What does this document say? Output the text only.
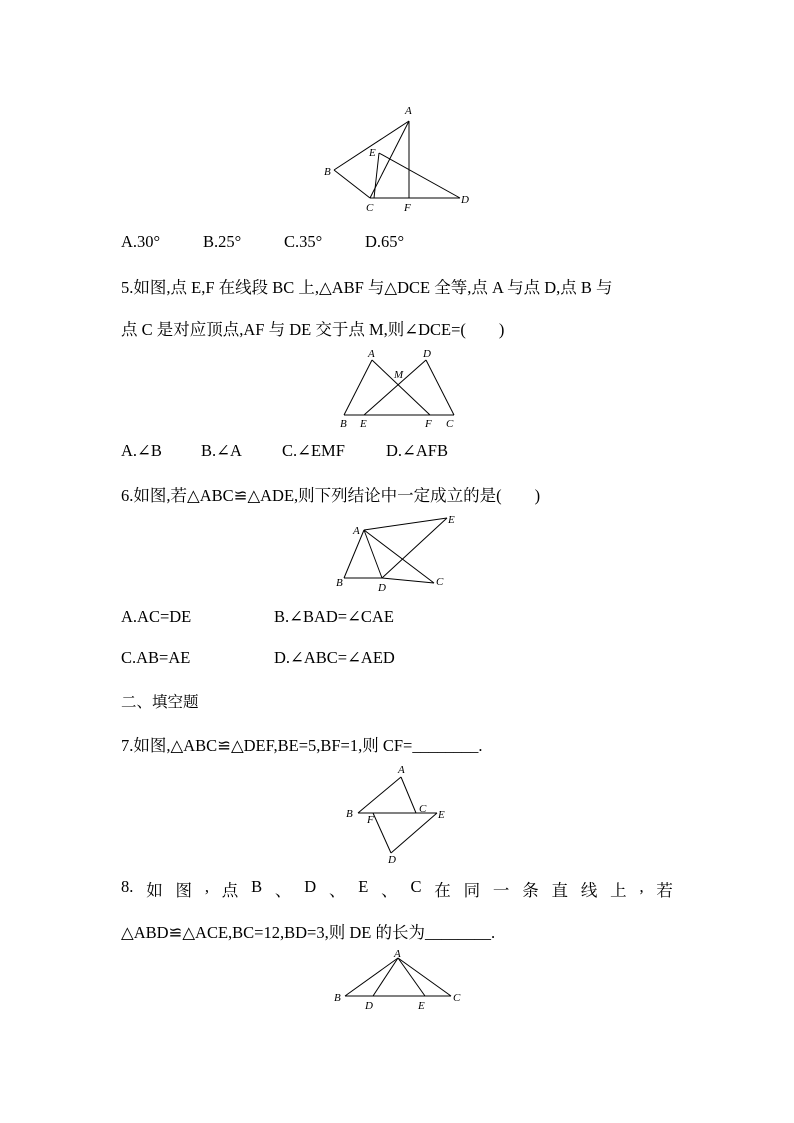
A
B
C
D
E
F
A.30°	B.25°	C.35°	D.65°
5.如图,点 E,F 在线段 BC 上,△ABF 与△DCE 全等,点 A 与点 D,点 B 与
点 C 是对应顶点,AF 与 DE 交于点 M,则∠DCE=(　　)
A	D
M
B E	F C
A.∠B B.∠A C.∠EMF D.∠AFB
6.如图,若△ABC≌△ADE,则下列结论中一定成立的是(　　)
A
E
B	D	C
A.AC=DE	B.∠BAD=∠CAE
C.AB=AE	D.∠ABC=∠AED
二、填空题
7.如图,△ABC≌△DEF,BE=5,BF=1,则 CF=________.
A
B	C E
F
D
8. 如 图 , 点 B 、 D 、 E 、 C 在 同 一 条 直 线 上 , 若
△ABD≌△ACE,BC=12,BD=3,则 DE 的长为________.
A
B
D	E
C
